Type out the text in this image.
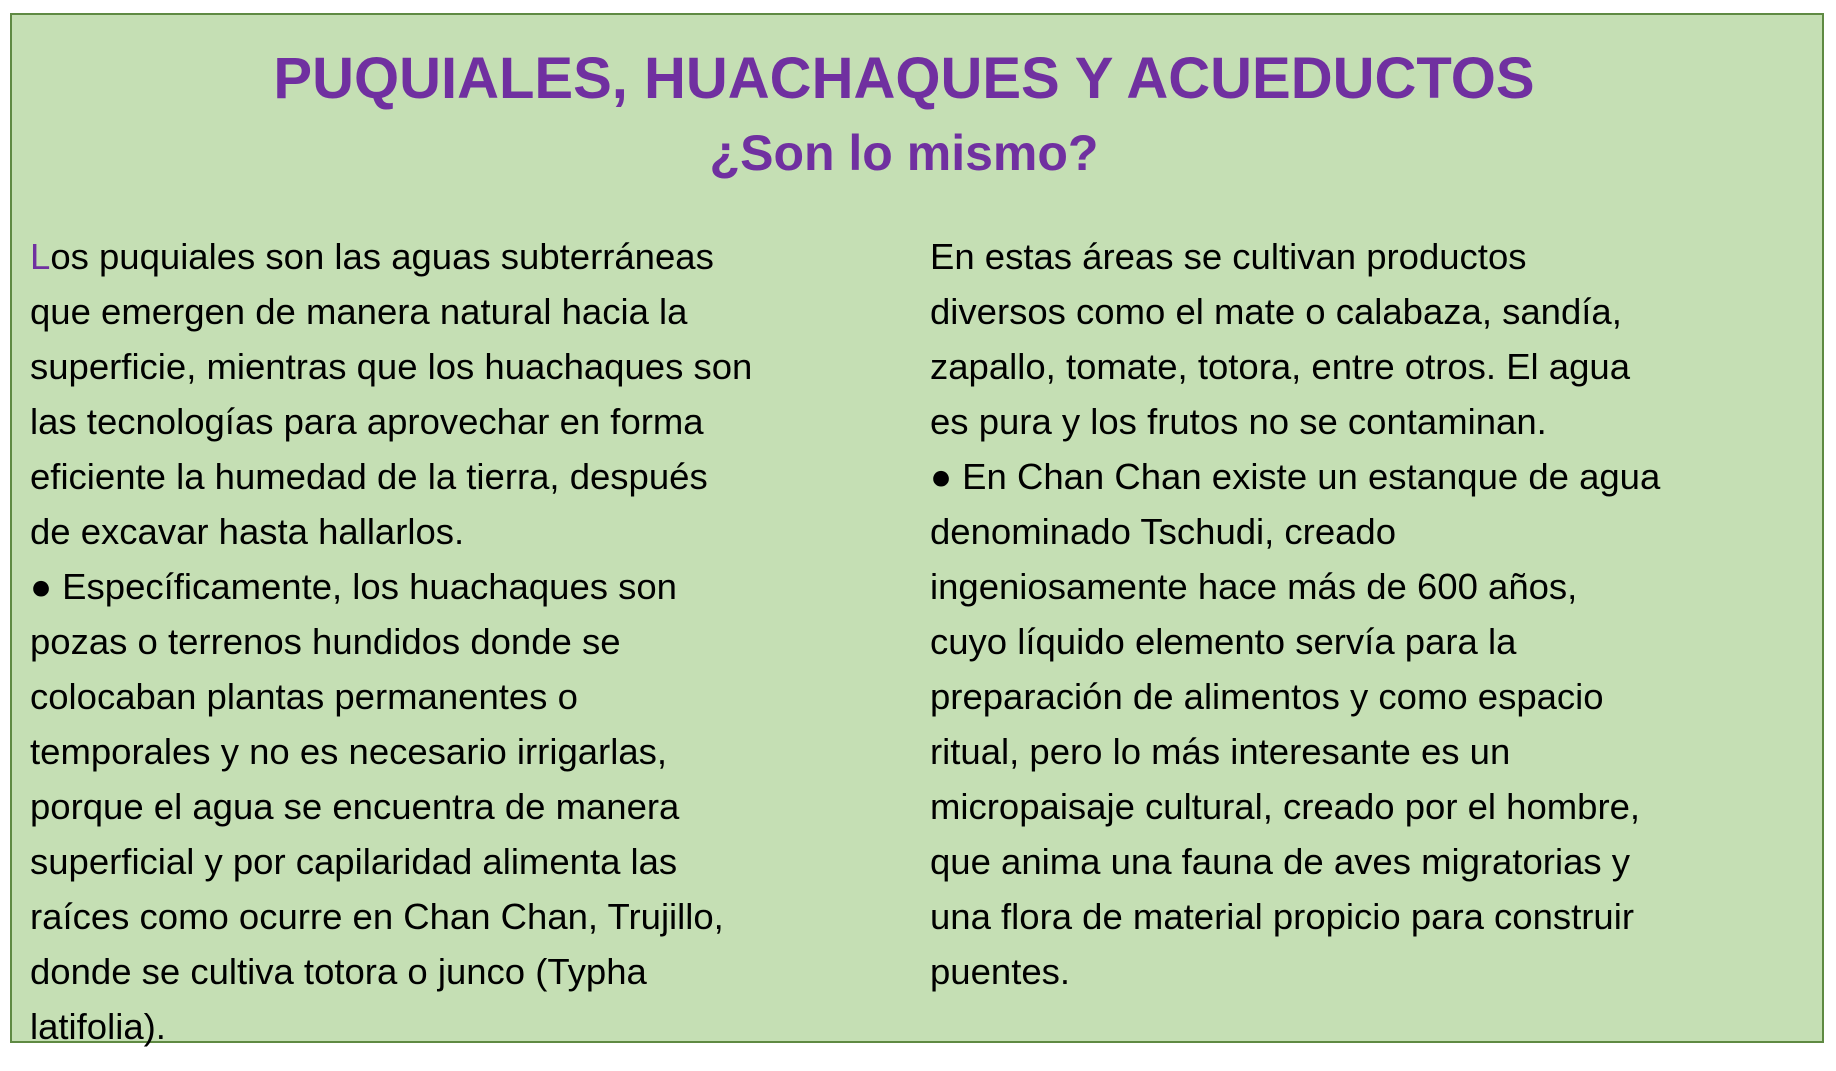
PUQUIALES, HUACHAQUES Y ACUEDUCTOS
¿Son lo mismo?
Los puquiales son las aguas subterráneas
que emergen de manera natural hacia la
superficie, mientras que los huachaques son
las tecnologías para aprovechar en forma
eficiente la humedad de la tierra, después
de excavar hasta hallarlos.
● Específicamente, los huachaques son
pozas o terrenos hundidos donde se
colocaban plantas permanentes o
temporales y no es necesario irrigarlas,
porque el agua se encuentra de manera
superficial y por capilaridad alimenta las
raíces como ocurre en Chan Chan, Trujillo,
donde se cultiva totora o junco (Typha
latifolia).
En estas áreas se cultivan productos
diversos como el mate o calabaza, sandía,
zapallo, tomate, totora, entre otros. El agua
es pura y los frutos no se contaminan.
● En Chan Chan existe un estanque de agua
denominado Tschudi, creado
ingeniosamente hace más de 600 años,
cuyo líquido elemento servía para la
preparación de alimentos y como espacio
ritual, pero lo más interesante es un
micropaisaje cultural, creado por el hombre,
que anima una fauna de aves migratorias y
una flora de material propicio para construir
puentes.
